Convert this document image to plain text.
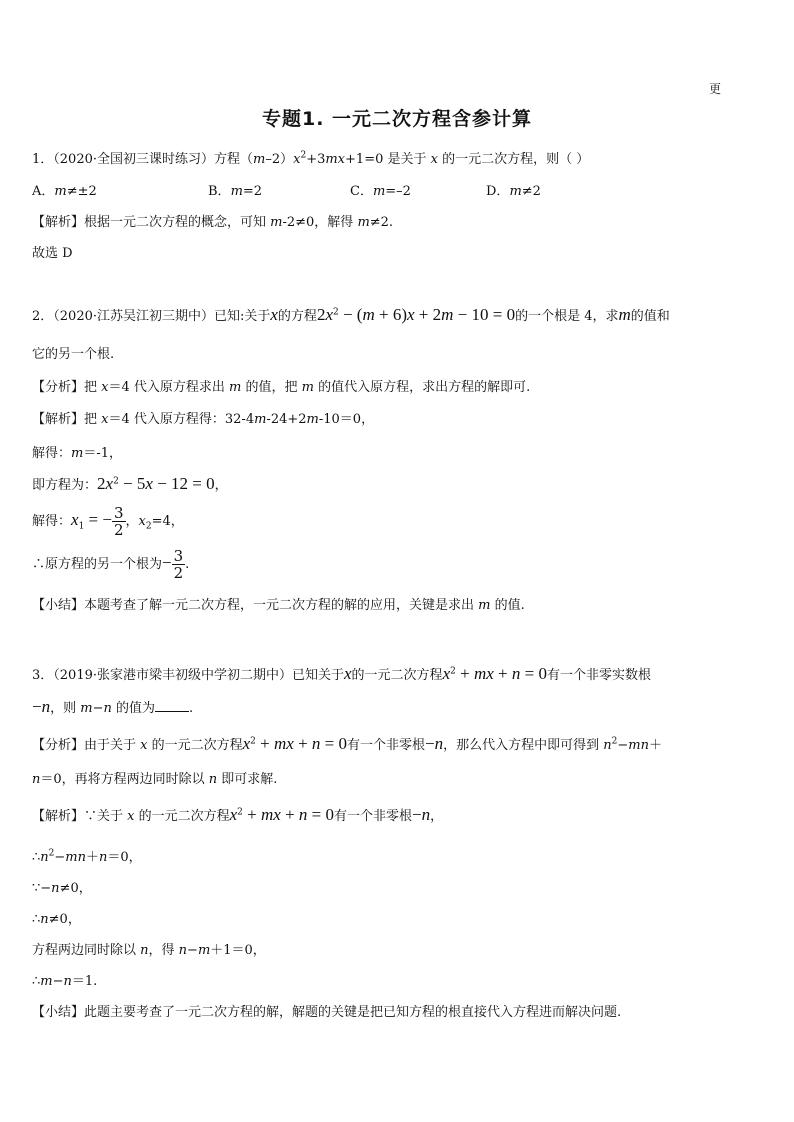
更
专题1. 一元二次方程含参计算
1．（2020·全国初三课时练习）方程$(m-2)x^2+3mx+1=0$ 是关于 x 的一元二次方程，则（ ）
A．m≠±2	B．m=2	C．m=–2	D．m≠2
【解析】根据一元二次方程的概念，可知 m-2≠0，解得 m≠2.
故选 D
2．（2020·江苏吴江初三期中）已知:关于x的方程$2x^2 - (m + 6)x + 2m - 10 = 0$的一个根是 4，求m的值和
它的另一个根.
【分析】把 x＝4 代入原方程求出 m 的值，把 m 的值代入原方程，求出方程的解即可.
【解析】把 x＝4 代入原方程得：32-4m-24+2m-10＝0，
解得：m＝-1，
即方程为：$2x^2 - 5x - 12 = 0$，
解得：$x_1$ = − $\frac{3}{2}$ ，$x_2=4$，
∴原方程的另一个根为− $\frac{3}{2}$ .
【小结】本题考查了解一元二次方程，一元二次方程的解的应用，关键是求出 m 的值.
3．（2019·张家港市梁丰初级中学初二期中）已知关于x的一元二次方程$x^2$ + mx + n = 0有一个非零实数根
−n，则 m−n 的值为	.
【分析】由于关于 x 的一元二次方程$x^2$ + mx + n = 0有一个非零根−n，那么代入方程中即可得到 $n^2-mn+$
n＝0，再将方程两边同时除以 n 即可求解.
【解析】∵关于 x 的一元二次方程$x^2$ + mx + n = 0有一个非零根−n，
$\therefore n^2-mn+n=0$，
∵−n≠0，
∴n≠0，
方程两边同时除以 n，得 n−m＋1＝0，
∴m−n＝1.
【小结】此题主要考查了一元二次方程的解，解题的关键是把已知方程的根直接代入方程进而解决问题.
